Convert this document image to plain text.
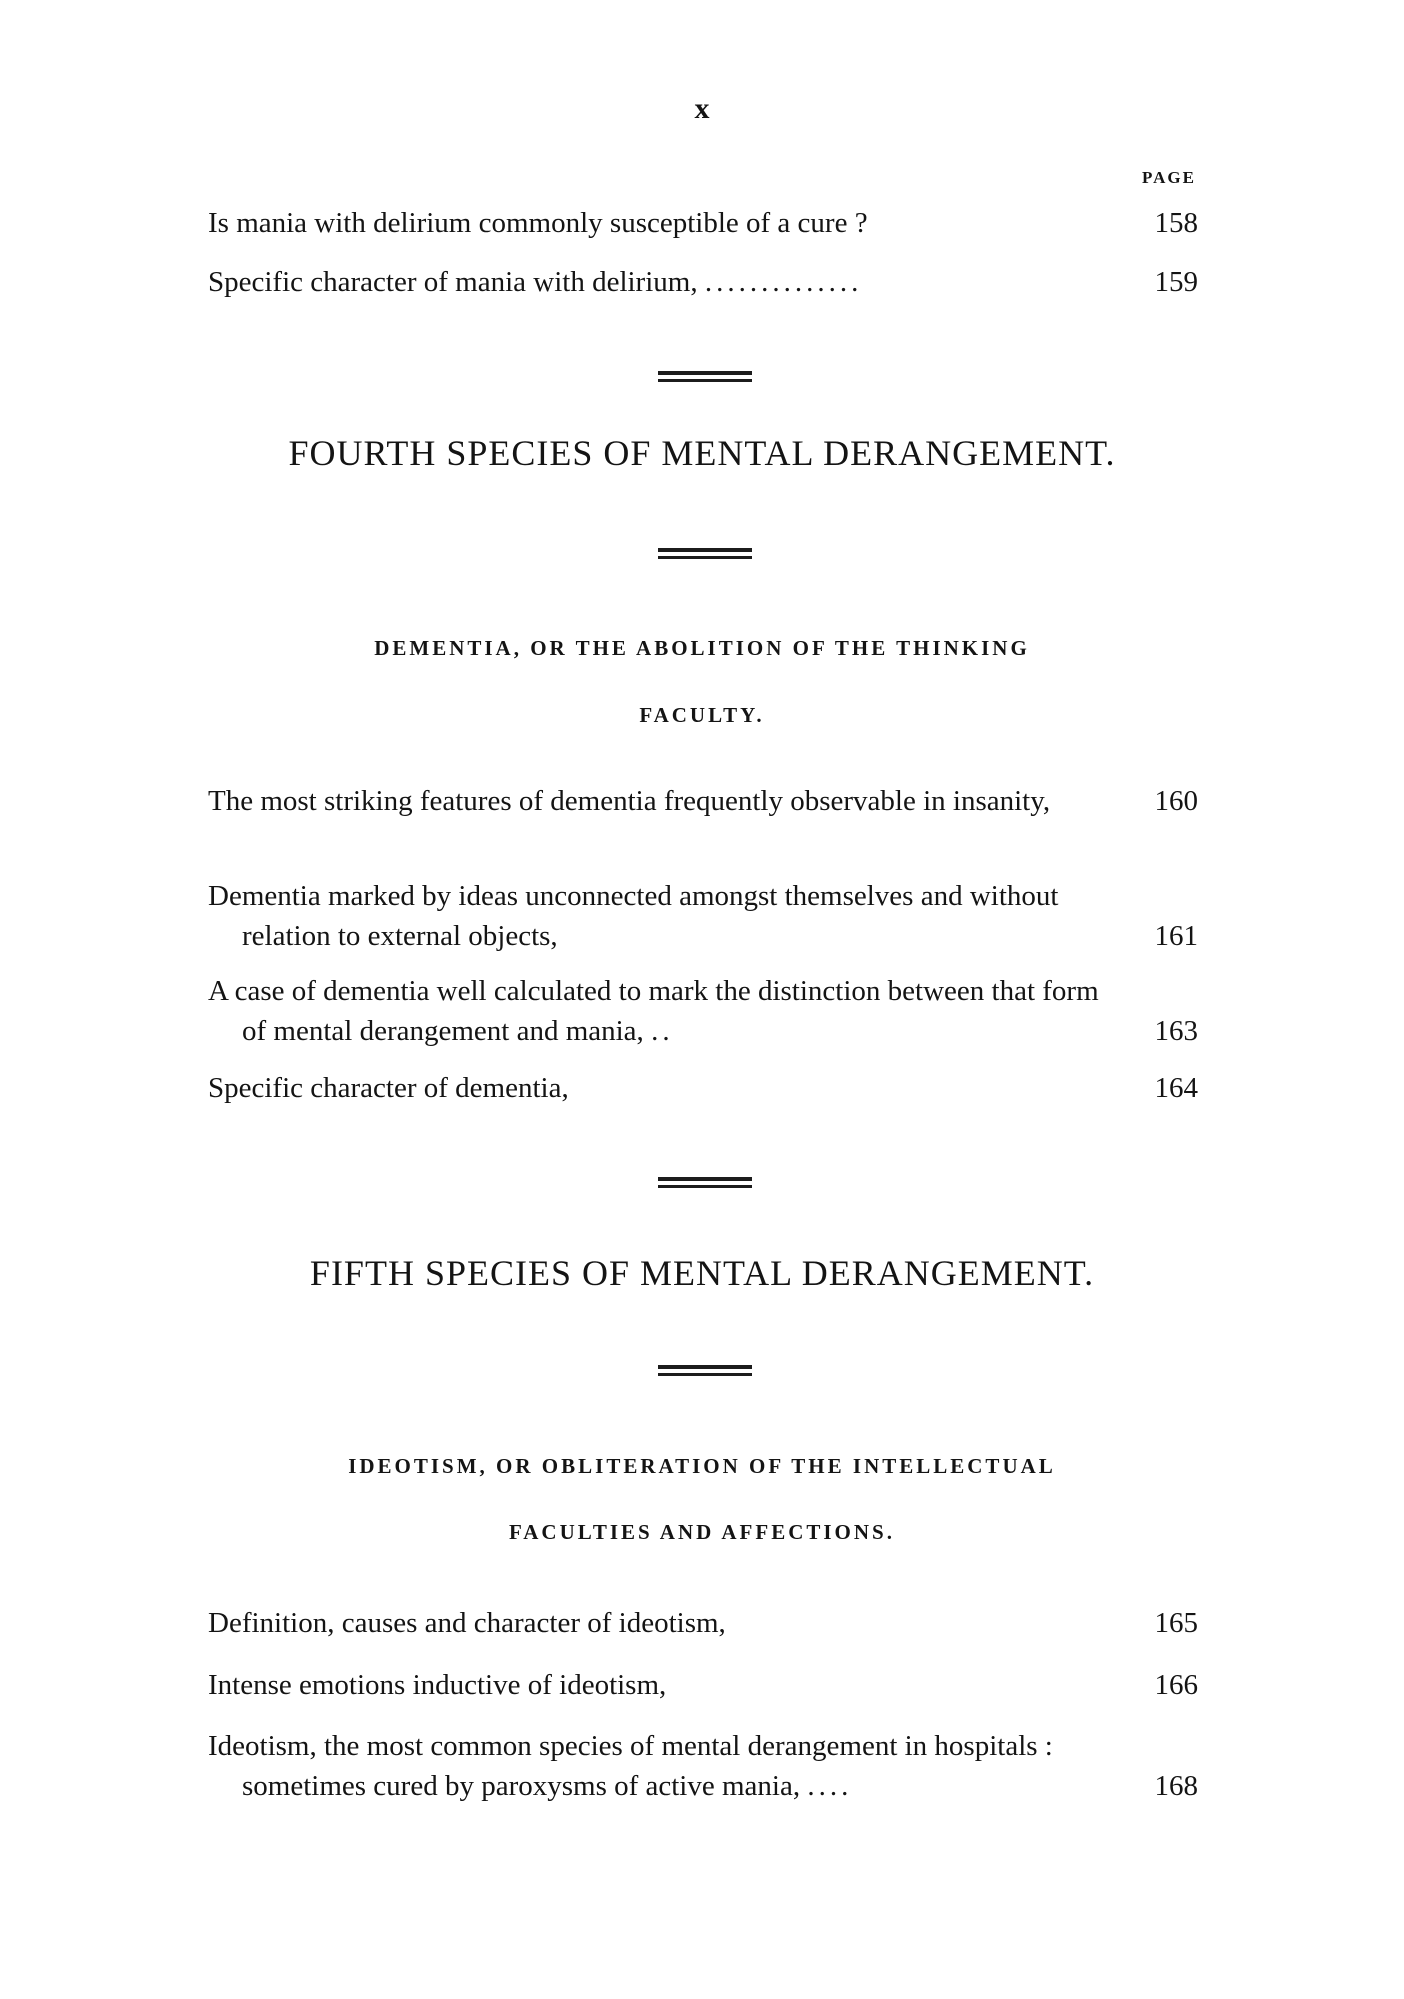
x
PAGE
Is mania with delirium commonly susceptible of a cure ?	158
Specific character of mania with delirium, ..............	159
FOURTH SPECIES OF MENTAL DERANGEMENT.
DEMENTIA, OR THE ABOLITION OF THE THINKING
FACULTY.
The most striking features of dementia frequently observable in insanity,	160
Dementia marked by ideas unconnected amongst themselves and without relation to external objects,	161
A case of dementia well calculated to mark the distinction between that form of mental derangement and mania, ..	163
Specific character of dementia,	164
FIFTH SPECIES OF MENTAL DERANGEMENT.
IDEOTISM, OR OBLITERATION OF THE INTELLECTUAL
FACULTIES AND AFFECTIONS.
Definition, causes and character of ideotism,	165
Intense emotions inductive of ideotism,	166
Ideotism, the most common species of mental derangement in hospitals : sometimes cured by paroxysms of active mania, ....	168
